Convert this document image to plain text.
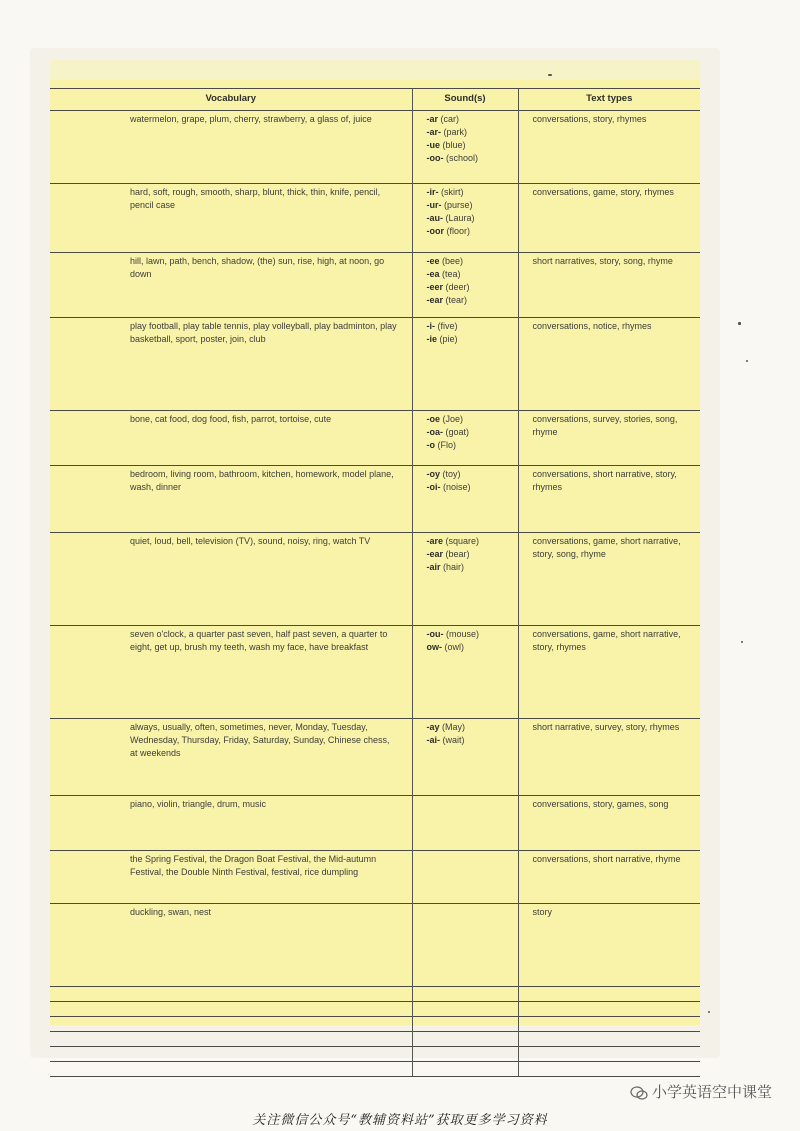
Vocabulary	Sound(s)	Text types
watermelon, grape, plum, cherry, strawberry, a glass of, juice	-ar (car)
-ar- (park)
-ue (blue)
-oo- (school)	conversations, story, rhymes
hard, soft, rough, smooth, sharp, blunt, thick, thin, knife, pencil, pencil case	-ir- (skirt)
-ur- (purse)
-au- (Laura)
-oor (floor)	conversations, game, story, rhymes
hill, lawn, path, bench, shadow, (the) sun, rise, high, at noon, go down	-ee (bee)
-ea (tea)
-eer (deer)
-ear (tear)	short narratives, story, song, rhyme
play football, play table tennis, play volleyball, play badminton, play basketball, sport, poster, join, club	-i- (five)
-ie (pie)	conversations, notice, rhymes
bone, cat food, dog food, fish, parrot, tortoise, cute	-oe (Joe)
-oa- (goat)
-o (Flo)	conversations, survey, stories, song, rhyme
bedroom, living room, bathroom, kitchen, homework, model plane, wash, dinner	-oy (toy)
-oi- (noise)	conversations, short narrative, story, rhymes
quiet, loud, bell, television (TV), sound, noisy, ring, watch TV	-are (square)
-ear (bear)
-air (hair)	conversations, game, short narrative, story, song, rhyme
seven o'clock, a quarter past seven, half past seven, a quarter to eight, get up, brush my teeth, wash my face, have breakfast	-ou- (mouse)
ow- (owl)	conversations, game, short narrative, story, rhymes
always, usually, often, sometimes, never, Monday, Tuesday, Wednesday, Thursday, Friday, Saturday, Sunday, Chinese chess, at weekends	-ay (May)
-ai- (wait)	short narrative, survey, story, rhymes
piano, violin, triangle, drum, music		conversations, story, games, song
the Spring Festival, the Dragon Boat Festival, the Mid-autumn Festival, the Double Ninth Festival, festival, rice dumpling		conversations, short narrative, rhyme
duckling, swan, nest		story

小学英语空中课堂
关注微信公众号“教辅资料站”获取更多学习资料
